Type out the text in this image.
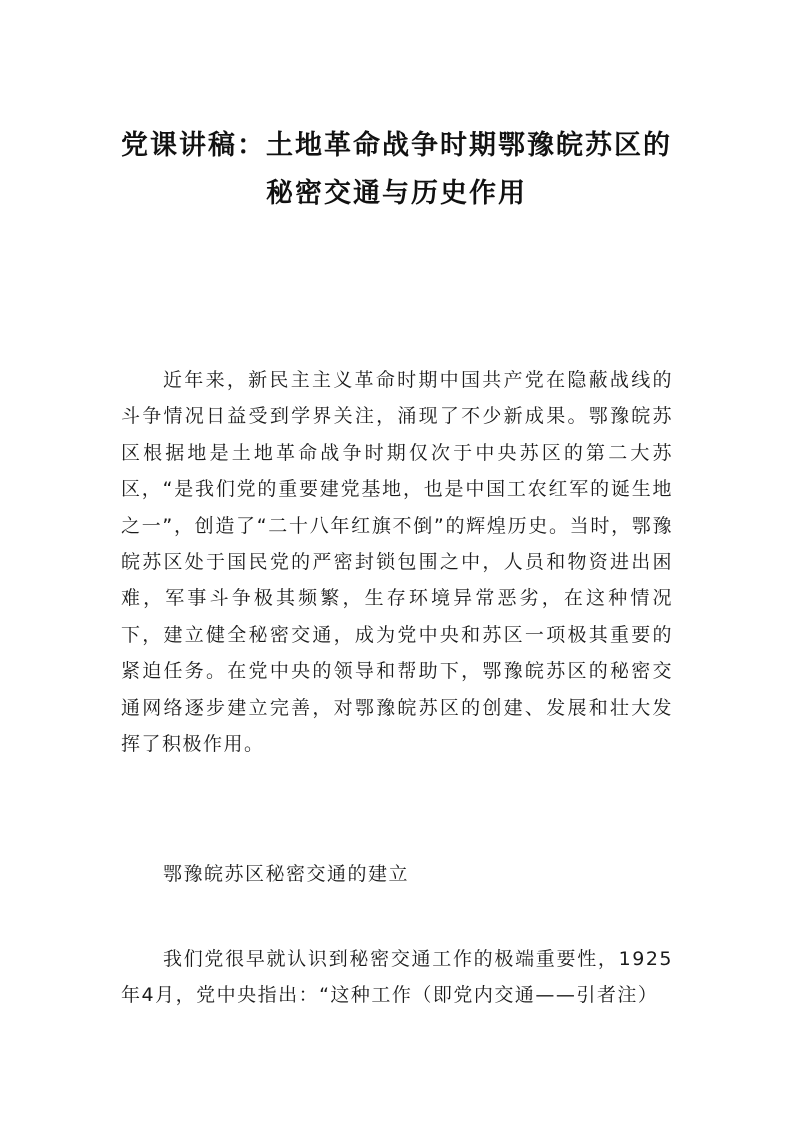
党课讲稿：土地革命战争时期鄂豫皖苏区的
秘密交通与历史作用

近年来，新民主主义革命时期中国共产党在隐蔽战线的斗争情况日益受到学界关注，涌现了不少新成果。鄂豫皖苏区根据地是土地革命战争时期仅次于中央苏区的第二大苏区，“是我们党的重要建党基地，也是中国工农红军的诞生地之一”，创造了“二十八年红旗不倒”的辉煌历史。当时，鄂豫皖苏区处于国民党的严密封锁包围之中，人员和物资进出困难，军事斗争极其频繁，生存环境异常恶劣，在这种情况下，建立健全秘密交通，成为党中央和苏区一项极其重要的紧迫任务。在党中央的领导和帮助下，鄂豫皖苏区的秘密交通网络逐步建立完善，对鄂豫皖苏区的创建、发展和壮大发挥了积极作用。

鄂豫皖苏区秘密交通的建立

我们党很早就认识到秘密交通工作的极端重要性，1925年4月，党中央指出：“这种工作（即党内交通——引者注）
